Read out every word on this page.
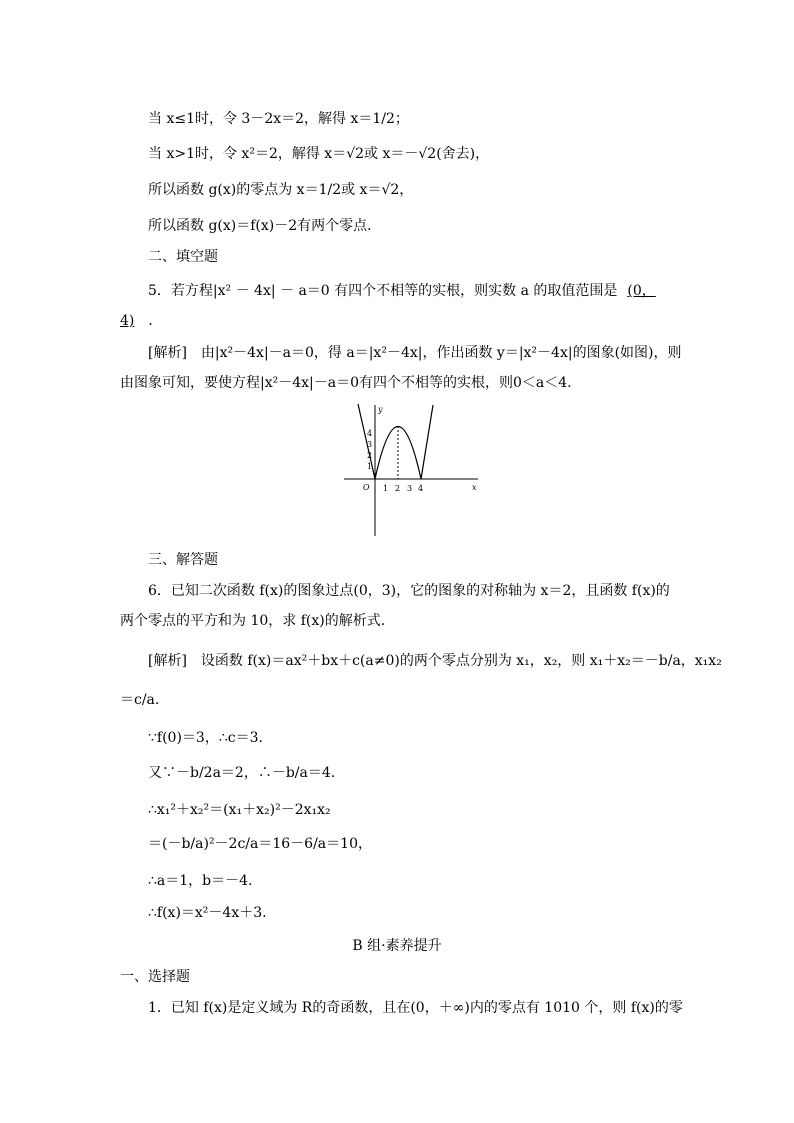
当 x≤1时，令 3－2x＝2，解得 x＝1/2；
当 x>1时，令 x²＝2，解得 x＝√2或 x＝－√2(舍去)，
所以函数 g(x)的零点为 x＝1/2或 x＝√2，
所以函数 g(x)＝f(x)－2有两个零点．
二、填空题
5．若方程|x² － 4x| － a＝0 有四个不相等的实根，则实数 a 的取值范围是 (0，
4) ．
[解析]　由|x²－4x|－a＝0，得 a＝|x²－4x|，作出函数 y＝|x²－4x|的图象(如图)，则
由图象可知，要使方程|x²－4x|－a＝0有四个不相等的实根，则0＜a＜4.
y
x
O 1 2 3 4
4
3
2
1
三、解答题
6．已知二次函数 f(x)的图象过点(0，3)，它的图象的对称轴为 x＝2，且函数 f(x)的
两个零点的平方和为 10，求 f(x)的解析式．
[解析]　设函数 f(x)＝ax²＋bx＋c(a≠0)的两个零点分别为 x₁，x₂，则 x₁＋x₂＝－b/a，x₁x₂
＝c/a.
∵f(0)＝3，∴c＝3.
又∵－b/2a＝2，∴－b/a＝4.
∴x₁²＋x₂²＝(x₁＋x₂)²－2x₁x₂
＝(－b/a)²－2c/a＝16－6/a＝10，
∴a＝1，b＝－4.
∴f(x)＝x²－4x＋3.
B 组·素养提升
一、选择题
1．已知 f(x)是定义域为 R的奇函数，且在(0，＋∞)内的零点有 1010 个，则 f(x)的零
